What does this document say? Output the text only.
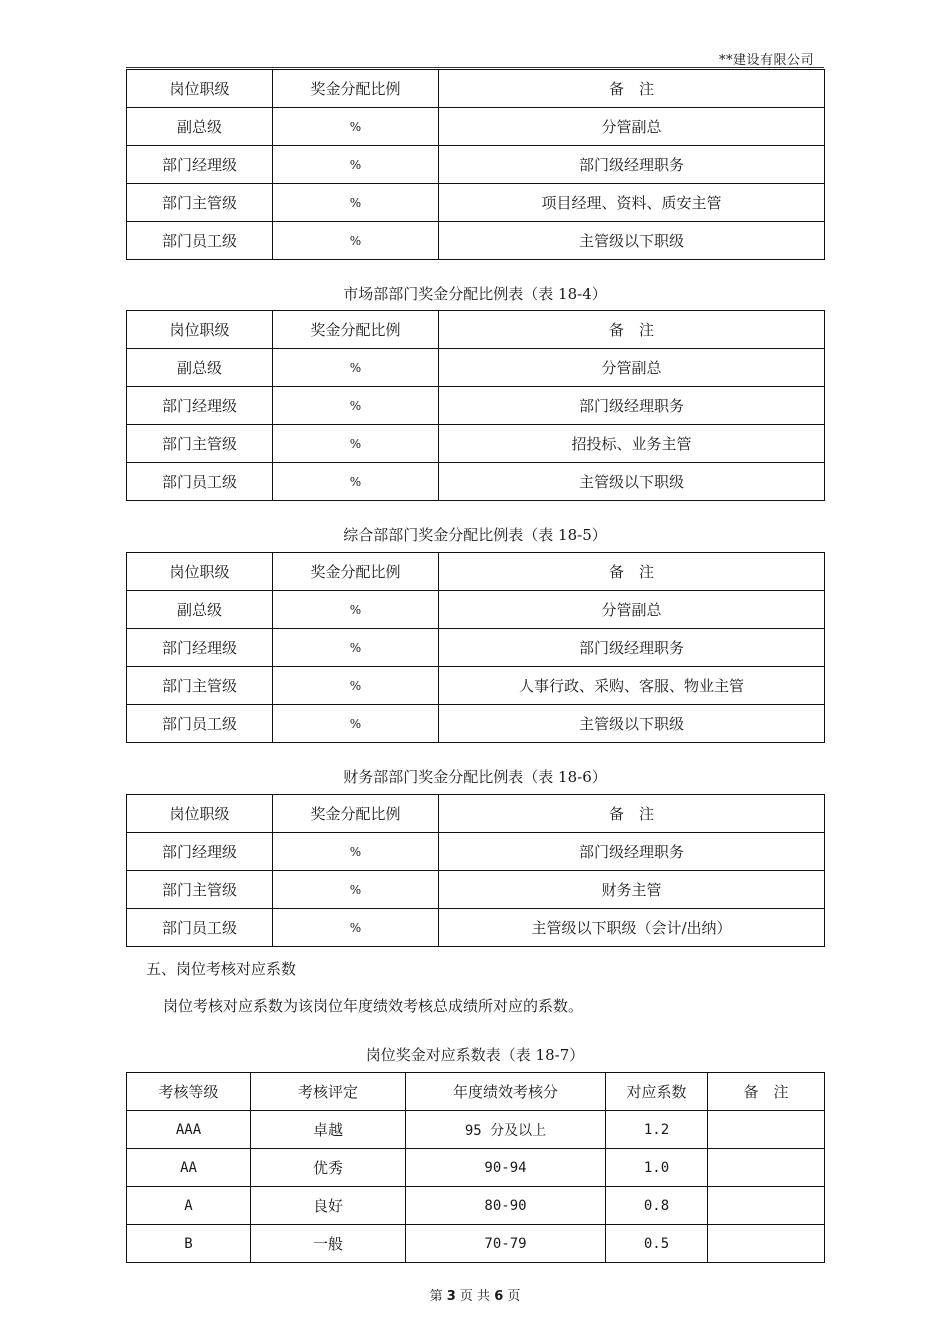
**建设有限公司
岗位职级	奖金分配比例	备　注
副总级	%	分管副总
部门经理级	%	部门级经理职务
部门主管级	%	项目经理、资料、质安主管
部门员工级	%	主管级以下职级
市场部部门奖金分配比例表（表 18-4）
岗位职级	奖金分配比例	备　注
副总级	%	分管副总
部门经理级	%	部门级经理职务
部门主管级	%	招投标、业务主管
部门员工级	%	主管级以下职级
综合部部门奖金分配比例表（表 18-5）
岗位职级	奖金分配比例	备　注
副总级	%	分管副总
部门经理级	%	部门级经理职务
部门主管级	%	人事行政、采购、客服、物业主管
部门员工级	%	主管级以下职级
财务部部门奖金分配比例表（表 18-6）
岗位职级	奖金分配比例	备　注
部门经理级	%	部门级经理职务
部门主管级	%	财务主管
部门员工级	%	主管级以下职级（会计/出纳）
五、岗位考核对应系数
岗位考核对应系数为该岗位年度绩效考核总成绩所对应的系数。
岗位奖金对应系数表（表 18-7）
考核等级	考核评定	年度绩效考核分	对应系数	备　注
AAA	卓越	95 分及以上	1.2	
AA	优秀	90-94	1.0	
A	良好	80-90	0.8	
B	一般	70-79	0.5	
第 3 页 共 6 页
